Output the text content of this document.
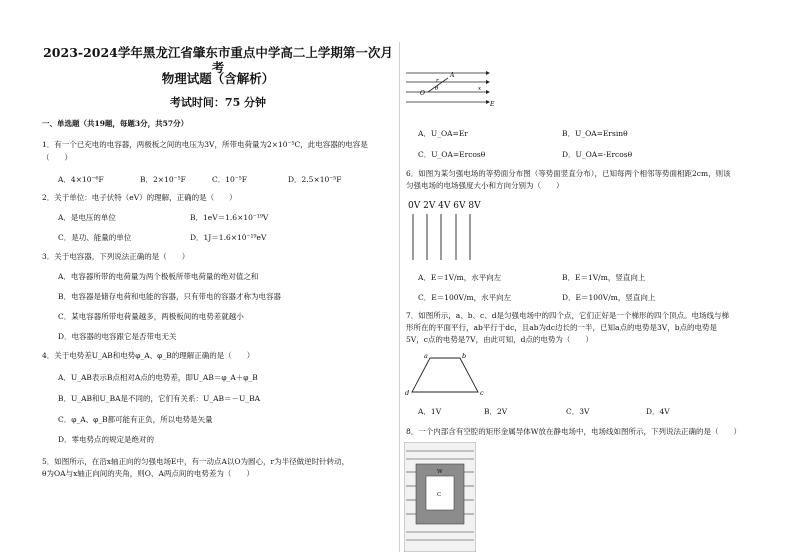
2023-2024学年黑龙江省肇东市重点中学高二上学期第一次月考
物理试题（含解析）
考试时间：75 分钟
一、单选题（共19题，每题3分，共57分）
1．有一个已充电的电容器，两极板之间的电压为3V，所带电荷量为2×10⁻⁵C，此电容器的电容是
（　　）
A．4×10⁻⁶F	B．2×10⁻⁵F	C．10⁻⁵F	D．2.5×10⁻⁵F
2．关于单位：电子伏特（eV）的理解，正确的是（　　）
A．是电压的单位	B．1eV＝1.6×10⁻¹⁹V
C．是功、能量的单位	D．1J＝1.6×10⁻¹⁹eV
3．关于电容器，下列说法正确的是（　　）
A．电容器所带的电荷量为两个极板所带电荷量的绝对值之和
B．电容器是储存电荷和电能的容器，只有带电的容器才称为电容器
C．某电容器所带电荷量越多，两极板间的电势差就越小
D．电容器的电容跟它是否带电无关
4．关于电势差U_AB和电势φ_A、φ_B的理解正确的是（　　）
A．U_AB表示B点相对A点的电势差，即U_AB＝φ_A＋φ_B
B．U_AB和U_BA是不同的，它们有关系：U_AB＝－U_BA
C．φ_A、φ_B都可能有正负，所以电势是矢量
D．零电势点的规定是绝对的
5．如图所示，在沿x轴正向的匀强电场E中，有一动点A以O为圆心，r为半径做逆时针转动，
θ为OA与x轴正向间的夹角，则O、A两点间的电势差为（　　）
A
r
θ
O
x
E
A．U_OA=Er	B．U_OA=Ersinθ
C．U_OA=Ercosθ	D．U_OA=-Ercosθ
6．如图为某匀强电场的等势面分布图（等势面竖直分布），已知每两个相邻等势面相距2cm，则该
匀强电场的电场强度大小和方向分别为（　　）
0V 2V 4V 6V 8V
A．E＝1V/m，水平向左	B．E＝1V/m，竖直向上
C．E＝100V/m，水平向左	D．E＝100V/m，竖直向上
7．如图所示，a、b、c、d是匀强电场中的四个点，它们正好是一个梯形的四个顶点。电场线与梯
形所在的平面平行，ab平行于dc，且ab为dc边长的一半，已知a点的电势是3V，b点的电势是
5V，c点的电势是7V，由此可知，d点的电势为（　　）
a	b
c
d
A．1V	B．2V	C．3V	D．4V
8．一个内部含有空腔的矩形金属导体W放在静电场中，电场线如图所示，下列说法正确的是（　　）
W
C
